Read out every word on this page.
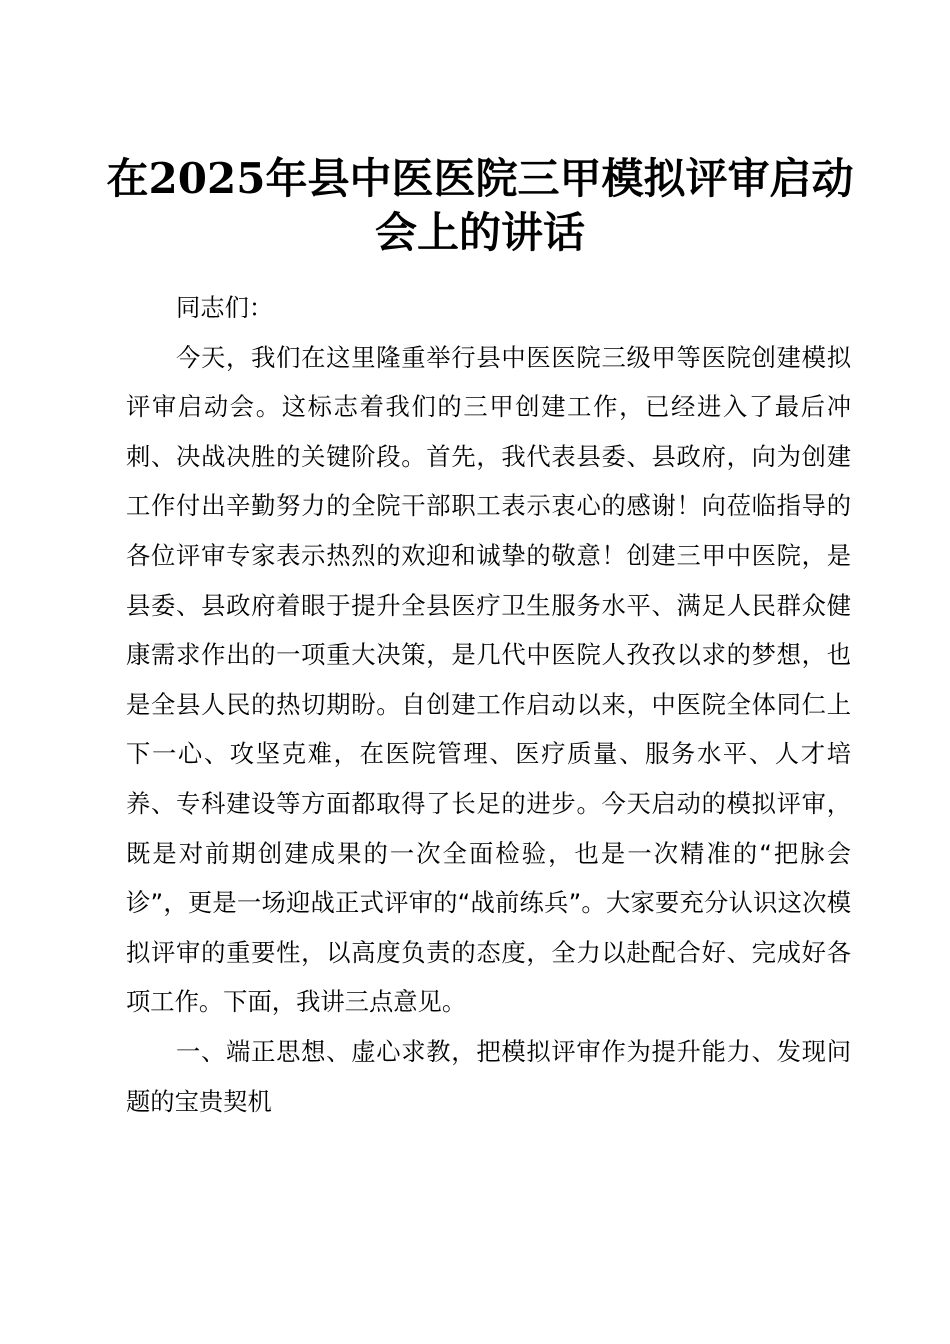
在2025年县中医医院三甲模拟评审启动会上的讲话

同志们：

今天，我们在这里隆重举行县中医医院三级甲等医院创建模拟评审启动会。这标志着我们的三甲创建工作，已经进入了最后冲刺、决战决胜的关键阶段。首先，我代表县委、县政府，向为创建工作付出辛勤努力的全院干部职工表示衷心的感谢！向莅临指导的各位评审专家表示热烈的欢迎和诚挚的敬意！创建三甲中医院，是县委、县政府着眼于提升全县医疗卫生服务水平、满足人民群众健康需求作出的一项重大决策，是几代中医院人孜孜以求的梦想，也是全县人民的热切期盼。自创建工作启动以来，中医院全体同仁上下一心、攻坚克难，在医院管理、医疗质量、服务水平、人才培养、专科建设等方面都取得了长足的进步。今天启动的模拟评审，既是对前期创建成果的一次全面检验，也是一次精准的“把脉会诊”，更是一场迎战正式评审的“战前练兵”。大家要充分认识这次模拟评审的重要性，以高度负责的态度，全力以赴配合好、完成好各项工作。下面，我讲三点意见。

一、端正思想、虚心求教，把模拟评审作为提升能力、发现问题的宝贵契机
